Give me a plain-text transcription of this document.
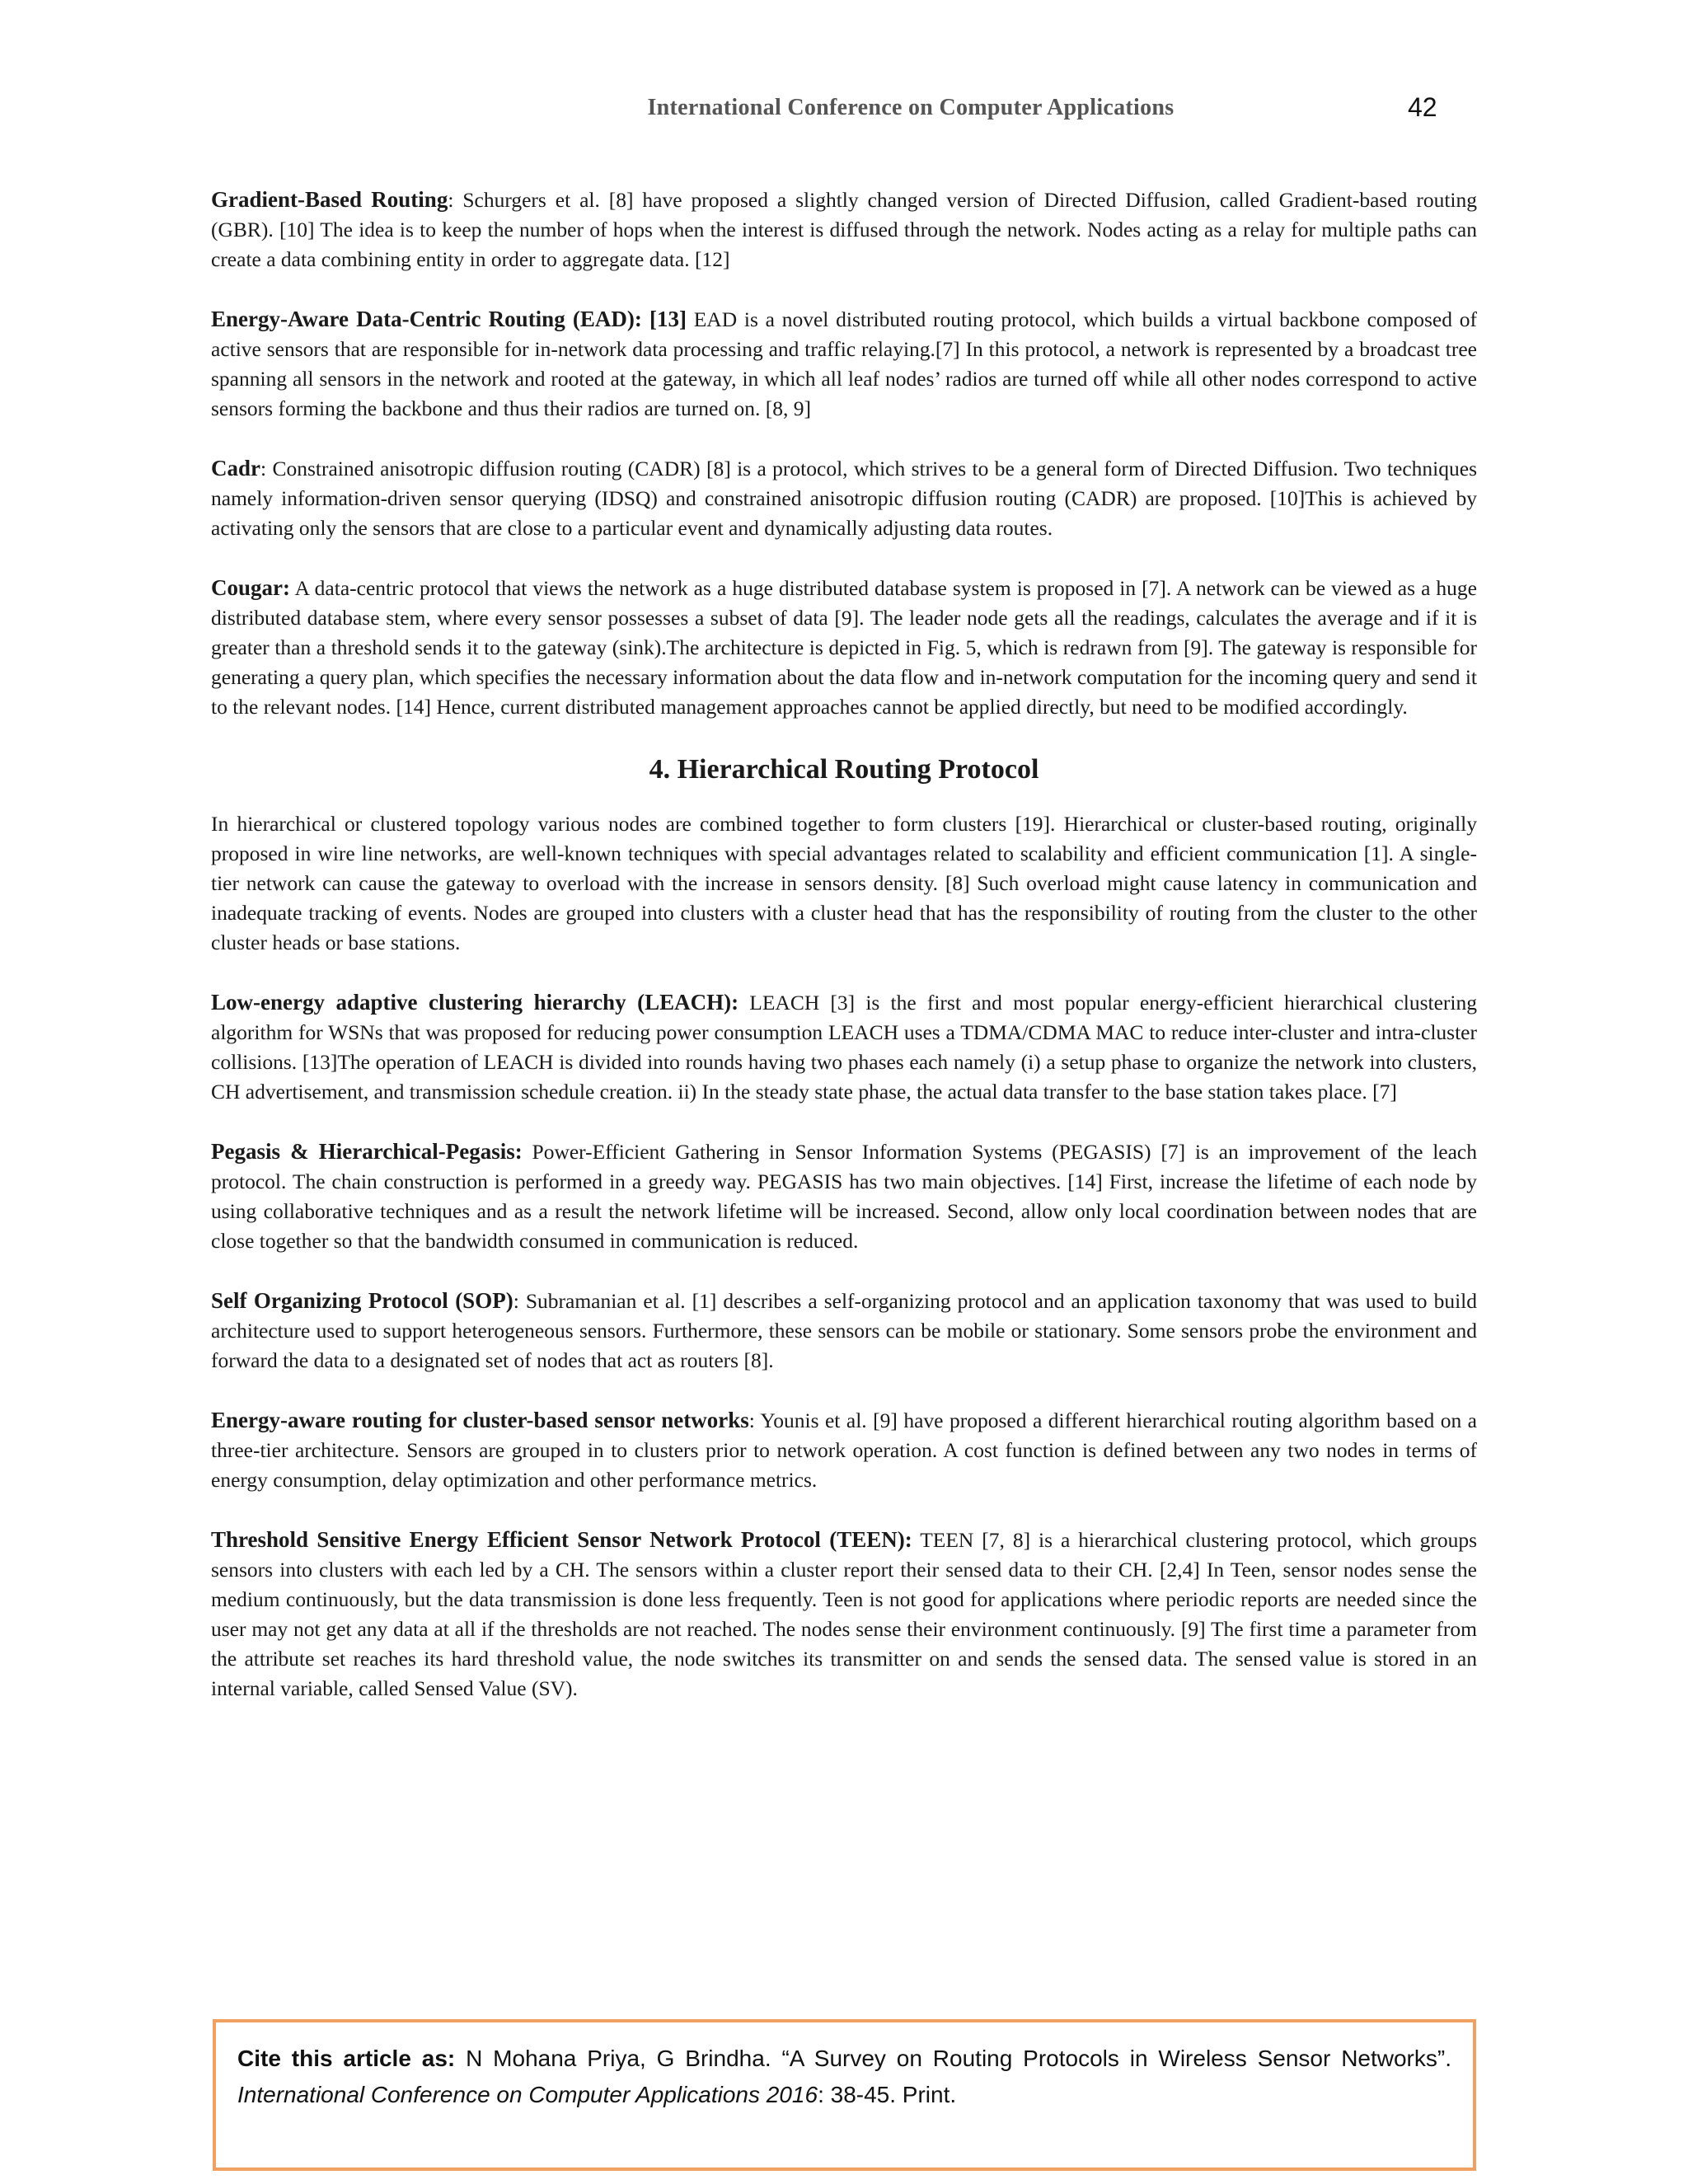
International Conference on Computer Applications	42

Gradient-Based Routing: Schurgers et al. [8] have proposed a slightly changed version of Directed Diffusion, called Gradient-based routing (GBR). [10] The idea is to keep the number of hops when the interest is diffused through the network. Nodes acting as a relay for multiple paths can create a data combining entity in order to aggregate data. [12]

Energy-Aware Data-Centric Routing (EAD): [13] EAD is a novel distributed routing protocol, which builds a virtual backbone composed of active sensors that are responsible for in-network data processing and traffic relaying.[7] In this protocol, a network is represented by a broadcast tree spanning all sensors in the network and rooted at the gateway, in which all leaf nodes’ radios are turned off while all other nodes correspond to active sensors forming the backbone and thus their radios are turned on. [8, 9]

Cadr: Constrained anisotropic diffusion routing (CADR) [8] is a protocol, which strives to be a general form of Directed Diffusion. Two techniques namely information-driven sensor querying (IDSQ) and constrained anisotropic diffusion routing (CADR) are proposed. [10]This is achieved by activating only the sensors that are close to a particular event and dynamically adjusting data routes.

Cougar: A data-centric protocol that views the network as a huge distributed database system is proposed in [7]. A network can be viewed as a huge distributed database stem, where every sensor possesses a subset of data [9]. The leader node gets all the readings, calculates the average and if it is greater than a threshold sends it to the gateway (sink).The architecture is depicted in Fig. 5, which is redrawn from [9]. The gateway is responsible for generating a query plan, which specifies the necessary information about the data flow and in-network computation for the incoming query and send it to the relevant nodes. [14] Hence, current distributed management approaches cannot be applied directly, but need to be modified accordingly.

4. Hierarchical Routing Protocol

In hierarchical or clustered topology various nodes are combined together to form clusters [19]. Hierarchical or cluster-based routing, originally proposed in wire line networks, are well-known techniques with special advantages related to scalability and efficient communication [1]. A single-tier network can cause the gateway to overload with the increase in sensors density. [8] Such overload might cause latency in communication and inadequate tracking of events. Nodes are grouped into clusters with a cluster head that has the responsibility of routing from the cluster to the other cluster heads or base stations.

Low-energy adaptive clustering hierarchy (LEACH): LEACH [3] is the first and most popular energy-efficient hierarchical clustering algorithm for WSNs that was proposed for reducing power consumption LEACH uses a TDMA/CDMA MAC to reduce inter-cluster and intra-cluster collisions. [13]The operation of LEACH is divided into rounds having two phases each namely (i) a setup phase to organize the network into clusters, CH advertisement, and transmission schedule creation. ii) In the steady state phase, the actual data transfer to the base station takes place. [7]

Pegasis & Hierarchical-Pegasis: Power-Efficient Gathering in Sensor Information Systems (PEGASIS) [7] is an improvement of the leach protocol. The chain construction is performed in a greedy way. PEGASIS has two main objectives. [14] First, increase the lifetime of each node by using collaborative techniques and as a result the network lifetime will be increased. Second, allow only local coordination between nodes that are close together so that the bandwidth consumed in communication is reduced.

Self Organizing Protocol (SOP): Subramanian et al. [1] describes a self-organizing protocol and an application taxonomy that was used to build architecture used to support heterogeneous sensors. Furthermore, these sensors can be mobile or stationary. Some sensors probe the environment and forward the data to a designated set of nodes that act as routers [8].

Energy-aware routing for cluster-based sensor networks: Younis et al. [9] have proposed a different hierarchical routing algorithm based on a three-tier architecture. Sensors are grouped in to clusters prior to network operation. A cost function is defined between any two nodes in terms of energy consumption, delay optimization and other performance metrics.

Threshold Sensitive Energy Efficient Sensor Network Protocol (TEEN): TEEN [7, 8] is a hierarchical clustering protocol, which groups sensors into clusters with each led by a CH. The sensors within a cluster report their sensed data to their CH. [2,4] In Teen, sensor nodes sense the medium continuously, but the data transmission is done less frequently. Teen is not good for applications where periodic reports are needed since the user may not get any data at all if the thresholds are not reached. The nodes sense their environment continuously. [9] The first time a parameter from the attribute set reaches its hard threshold value, the node switches its transmitter on and sends the sensed data. The sensed value is stored in an internal variable, called Sensed Value (SV).

Cite this article as: N Mohana Priya, G Brindha. “A Survey on Routing Protocols in Wireless Sensor Networks”.
International Conference on Computer Applications 2016: 38-45. Print.
